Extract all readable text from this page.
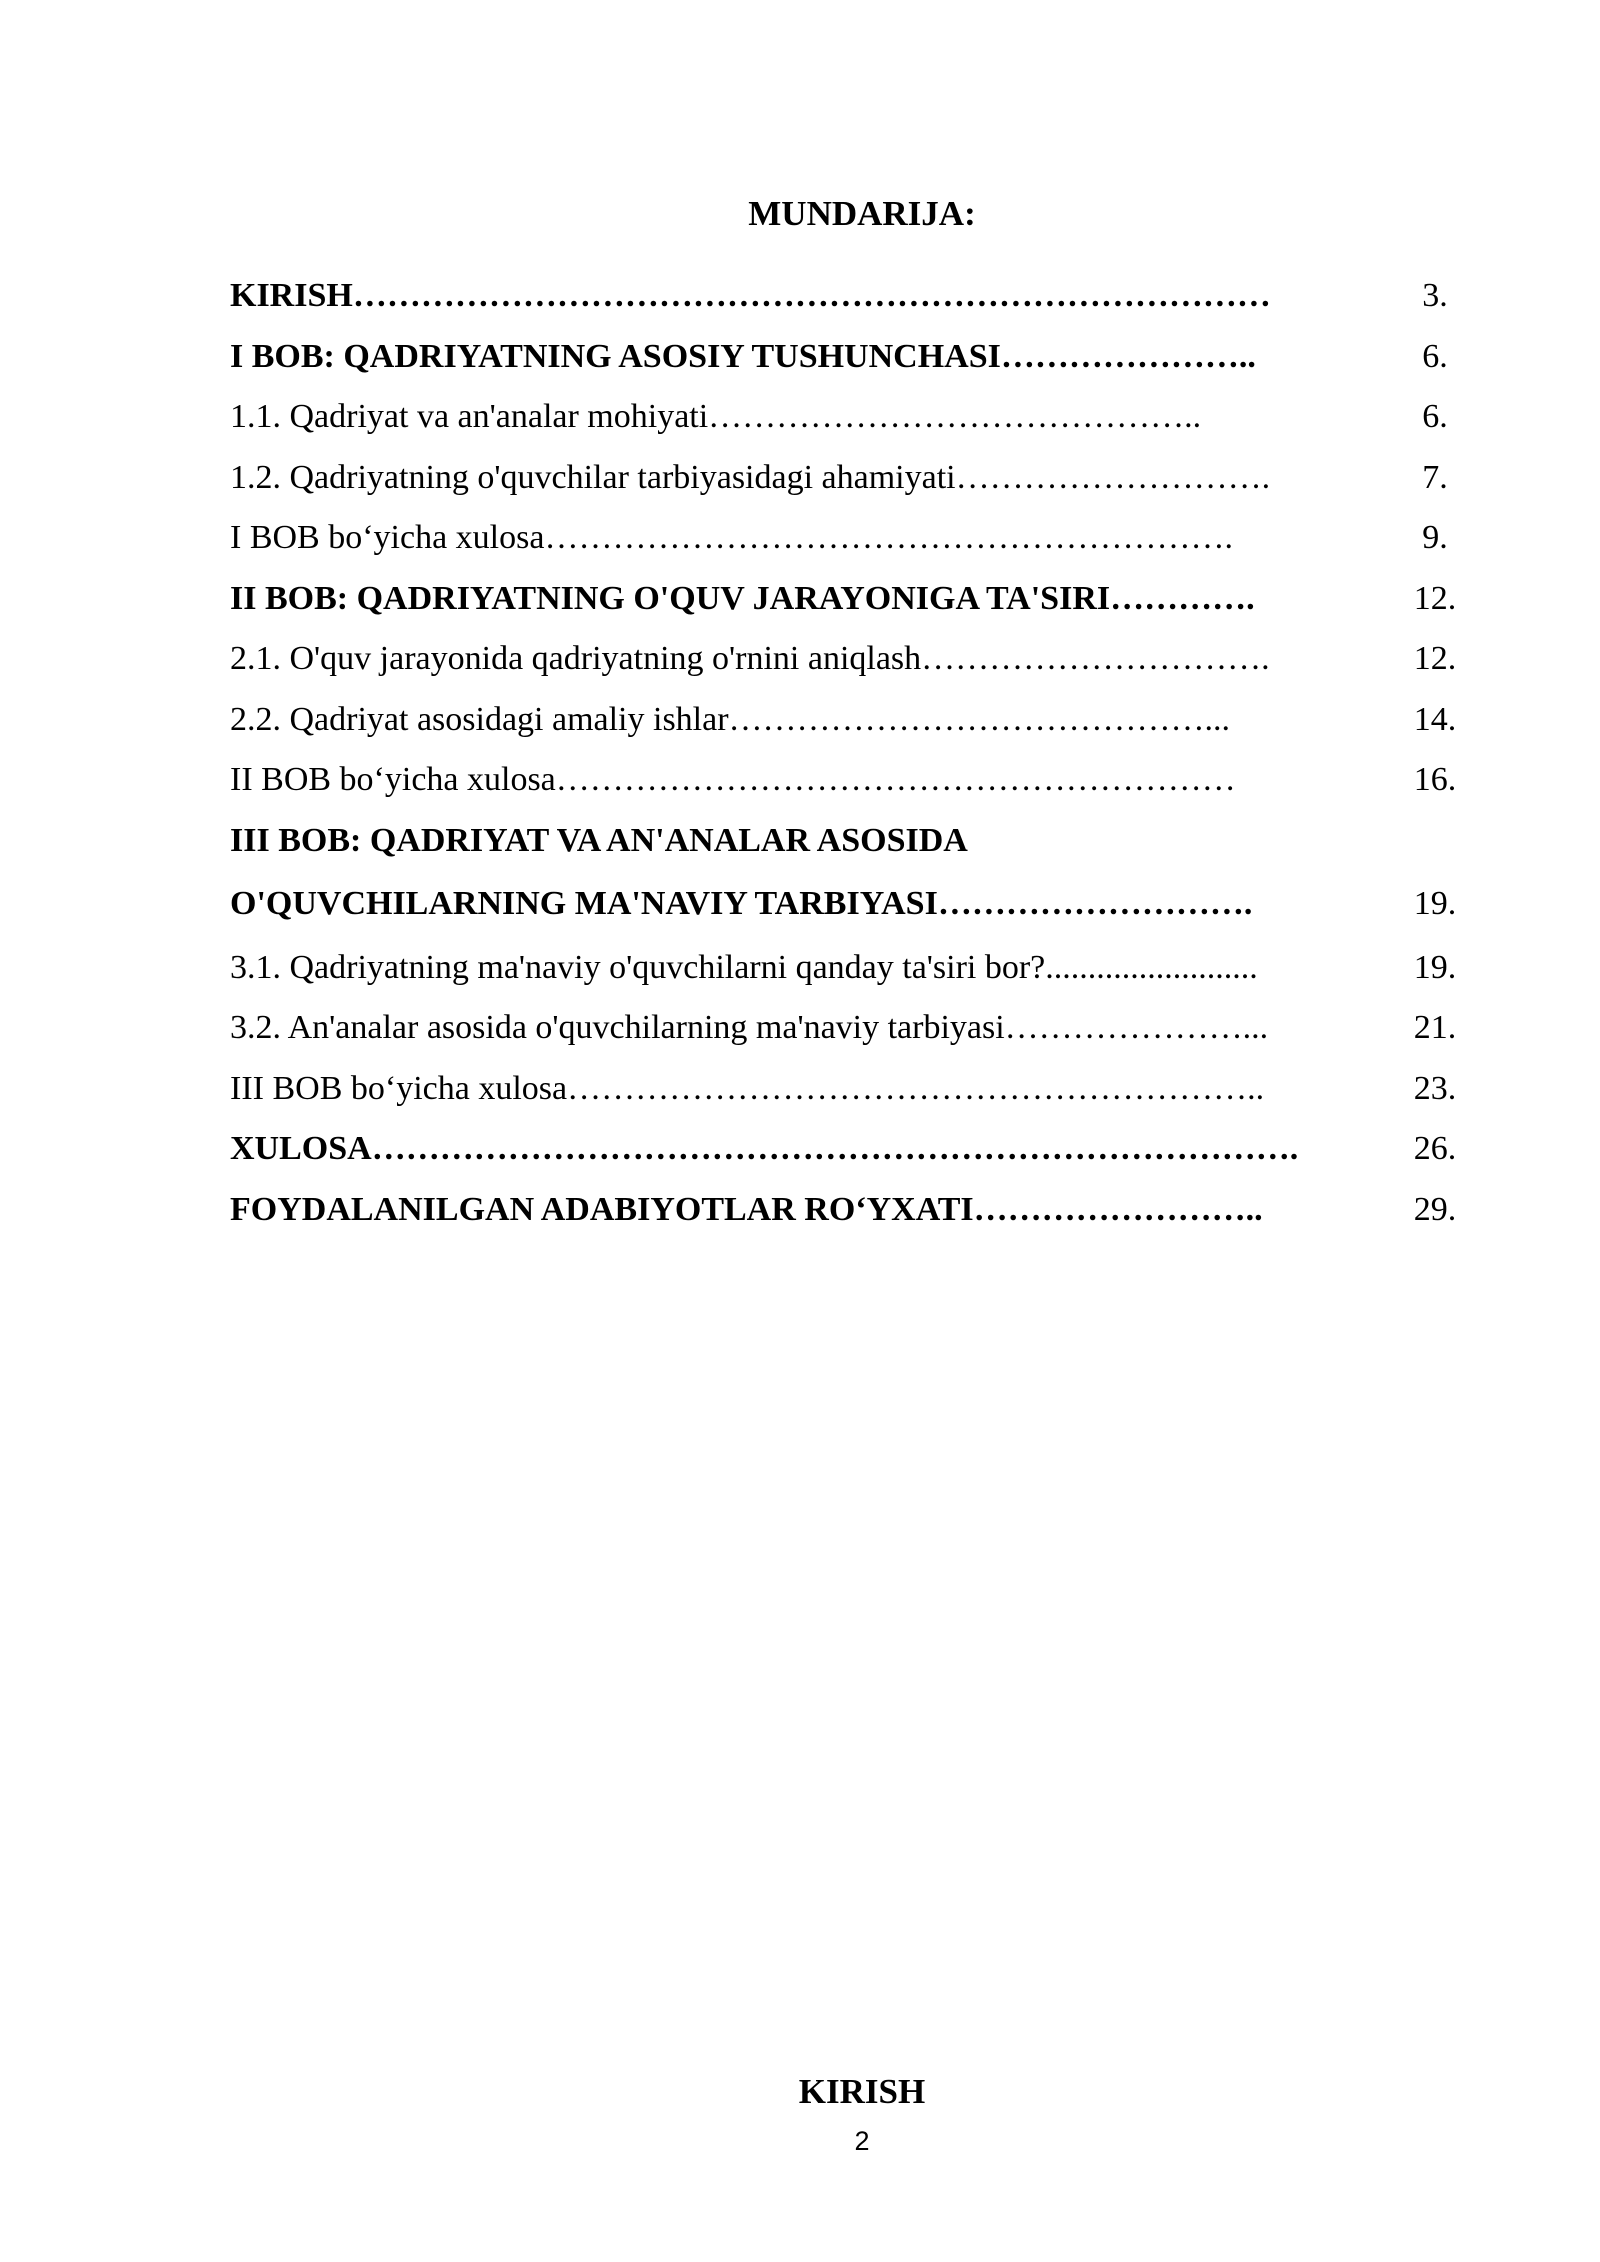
MUNDARIJA:
KIRISH………………………………………………………………………	3.
I BOB: QADRIYATNING ASOSIY TUSHUNCHASI…………………..	6.
1.1. Qadriyat va an'analar mohiyati……………………………………..	6.
1.2. Qadriyatning o'quvchilar tarbiyasidagi ahamiyati……………………….	7.
I BOB bo‘yicha xulosa…………………………………………………….	9.
II BOB: QADRIYATNING O'QUV JARAYONIGA TA'SIRI………….	12.
2.1. O'quv jarayonida qadriyatning o'rnini aniqlash………………………….	12.
2.2. Qadriyat asosidagi amaliy ishlar……………………………………...	14.
II BOB bo‘yicha xulosa……………………………………………………	16.
III BOB: QADRIYAT VA AN'ANALAR ASOSIDA
O'QUVCHILARNING MA'NAVIY TARBIYASI……………………….	19.
3.1. Qadriyatning ma'naviy o'quvchilarni qanday ta'siri bor?.........................	19.
3.2. An'analar asosida o'quvchilarning ma'naviy tarbiyasi…………………...	21.
III BOB bo‘yicha xulosa……………………………………………………..	23.
XULOSA……………………………………………………………………….	26.
FOYDALANILGAN ADABIYOTLAR RO‘YXATI……………………..	29.
KIRISH
2
